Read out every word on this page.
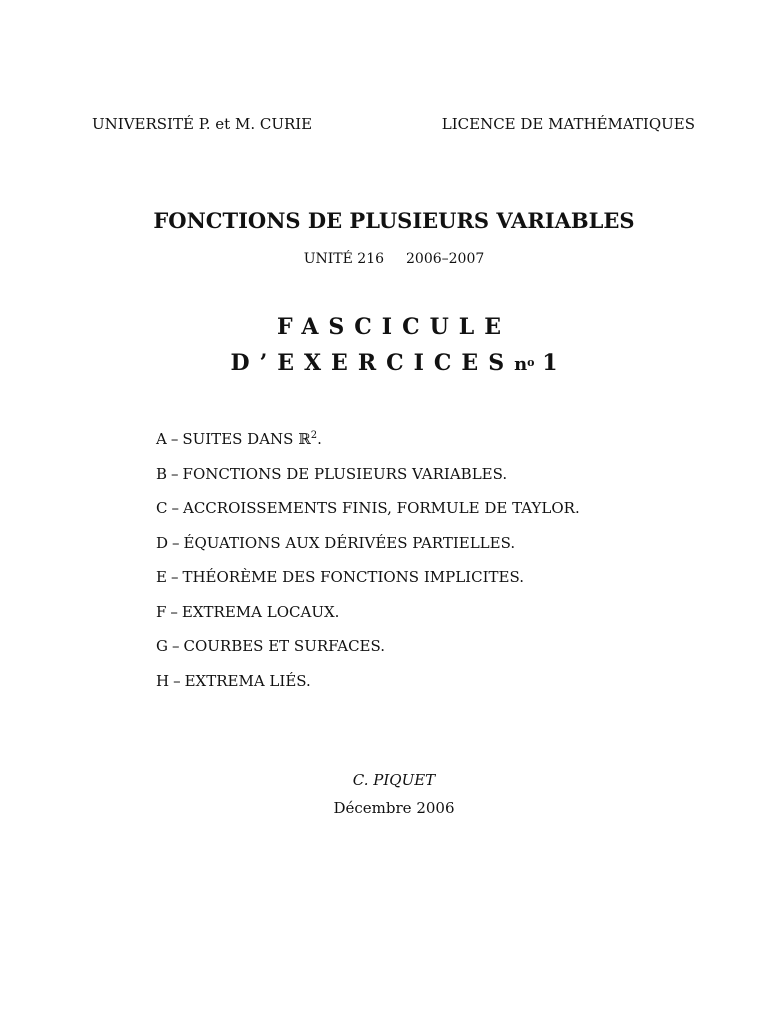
UNIVERSITÉ P. et M. CURIE	LICENCE DE MATHÉMATIQUES
FONCTIONS DE PLUSIEURS VARIABLES
UNITÉ 216 2006–2007
FASCICULE
D’EXERCICESn$^o$ 1
A – SUITES DANS ℝ$^2$.
B – FONCTIONS DE PLUSIEURS VARIABLES.
C – ACCROISSEMENTS FINIS, FORMULE DE TAYLOR.
D – ÉQUATIONS AUX DÉRIVÉES PARTIELLES.
E – THÉORÈME DES FONCTIONS IMPLICITES.
F – EXTREMA LOCAUX.
G – COURBES ET SURFACES.
H – EXTREMA LIÉS.
C. PIQUET
Décembre 2006
